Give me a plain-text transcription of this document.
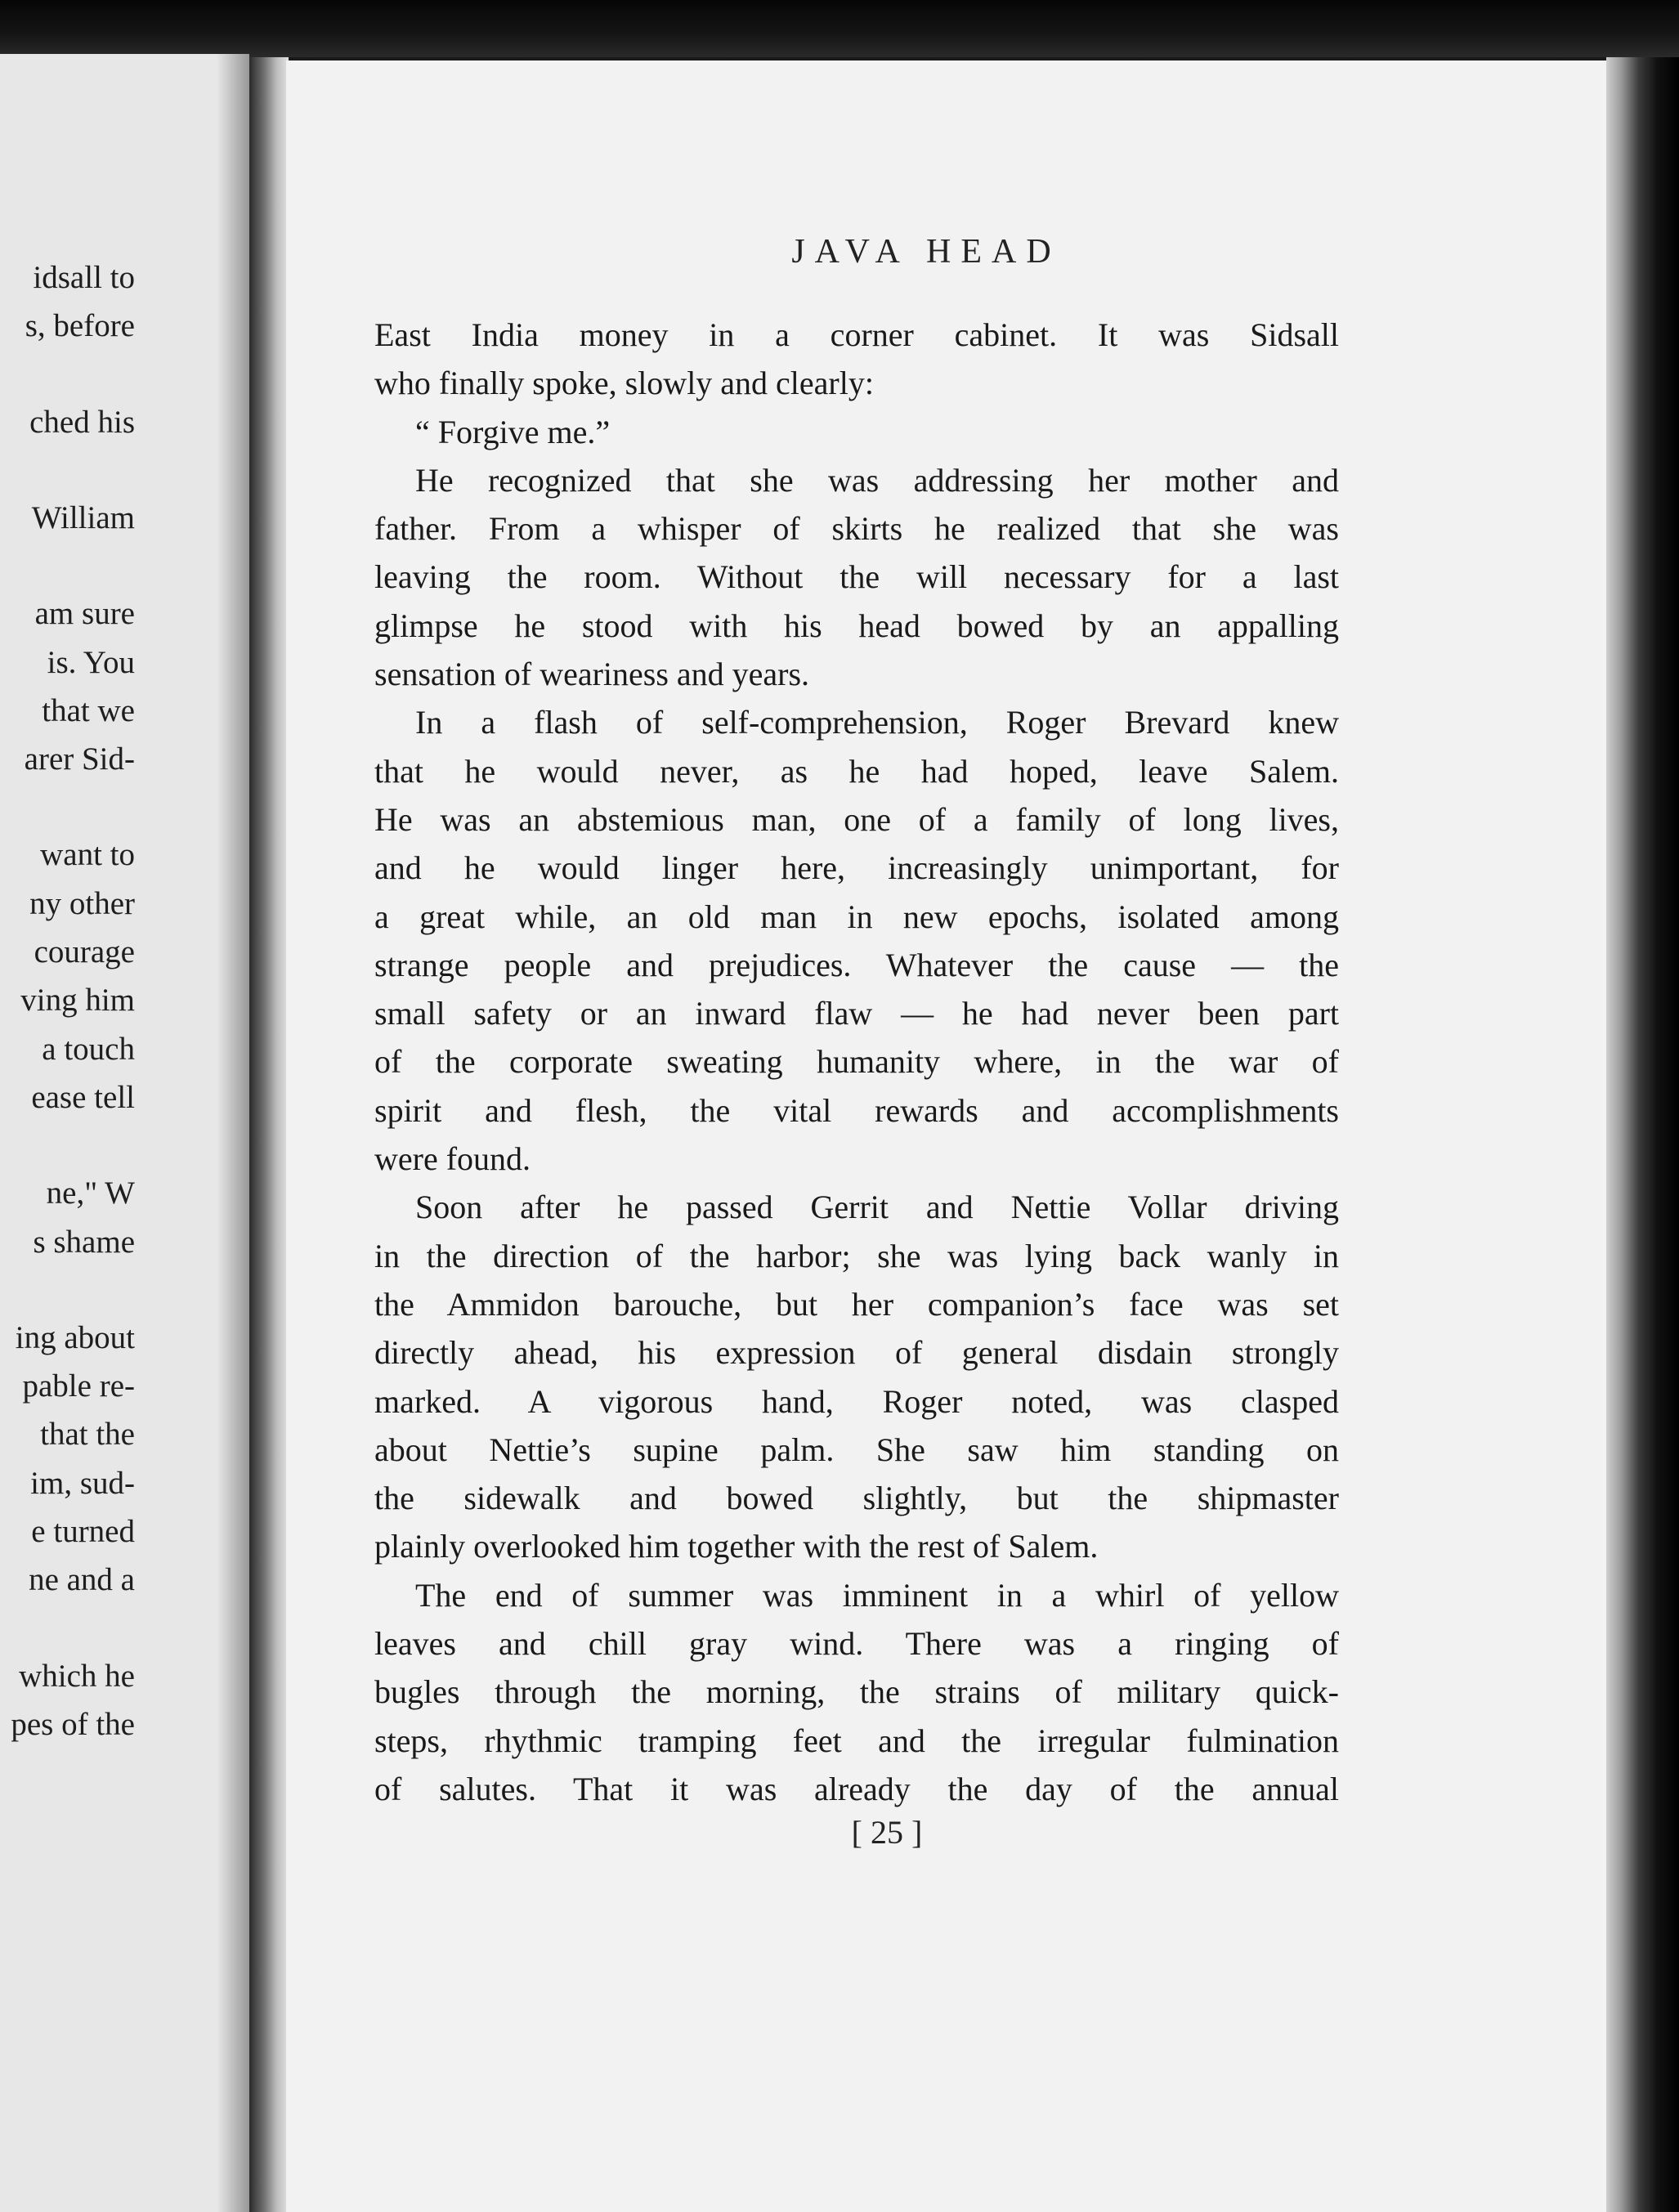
idsall to
s, before
ched his
William
am sure
is. You
that we
arer Sid-
want to
ny other
courage
ving him
a touch
ease tell
ne," W
s shame
ing about
pable re-
that the
im, sud-
e turned
ne and a
which he
pes of the
JAVA HEAD
East India money in a corner cabinet. It was Sidsall
who finally spoke, slowly and clearly:
“ Forgive me.”
He recognized that she was addressing her mother and
father. From a whisper of skirts he realized that she was
leaving the room. Without the will necessary for a last
glimpse he stood with his head bowed by an appalling
sensation of weariness and years.
In a flash of self-comprehension, Roger Brevard knew
that he would never, as he had hoped, leave Salem.
He was an abstemious man, one of a family of long lives,
and he would linger here, increasingly unimportant, for
a great while, an old man in new epochs, isolated among
strange people and prejudices. Whatever the cause — the
small safety or an inward flaw — he had never been part
of the corporate sweating humanity where, in the war of
spirit and flesh, the vital rewards and accomplishments
were found.
Soon after he passed Gerrit and Nettie Vollar driving
in the direction of the harbor; she was lying back wanly in
the Ammidon barouche, but her companion’s face was set
directly ahead, his expression of general disdain strongly
marked. A vigorous hand, Roger noted, was clasped
about Nettie’s supine palm. She saw him standing on
the sidewalk and bowed slightly, but the shipmaster
plainly overlooked him together with the rest of Salem.
The end of summer was imminent in a whirl of yellow
leaves and chill gray wind. There was a ringing of
bugles through the morning, the strains of military quick-
steps, rhythmic tramping feet and the irregular fulmination
of salutes. That it was already the day of the annual
[ 25 ]
